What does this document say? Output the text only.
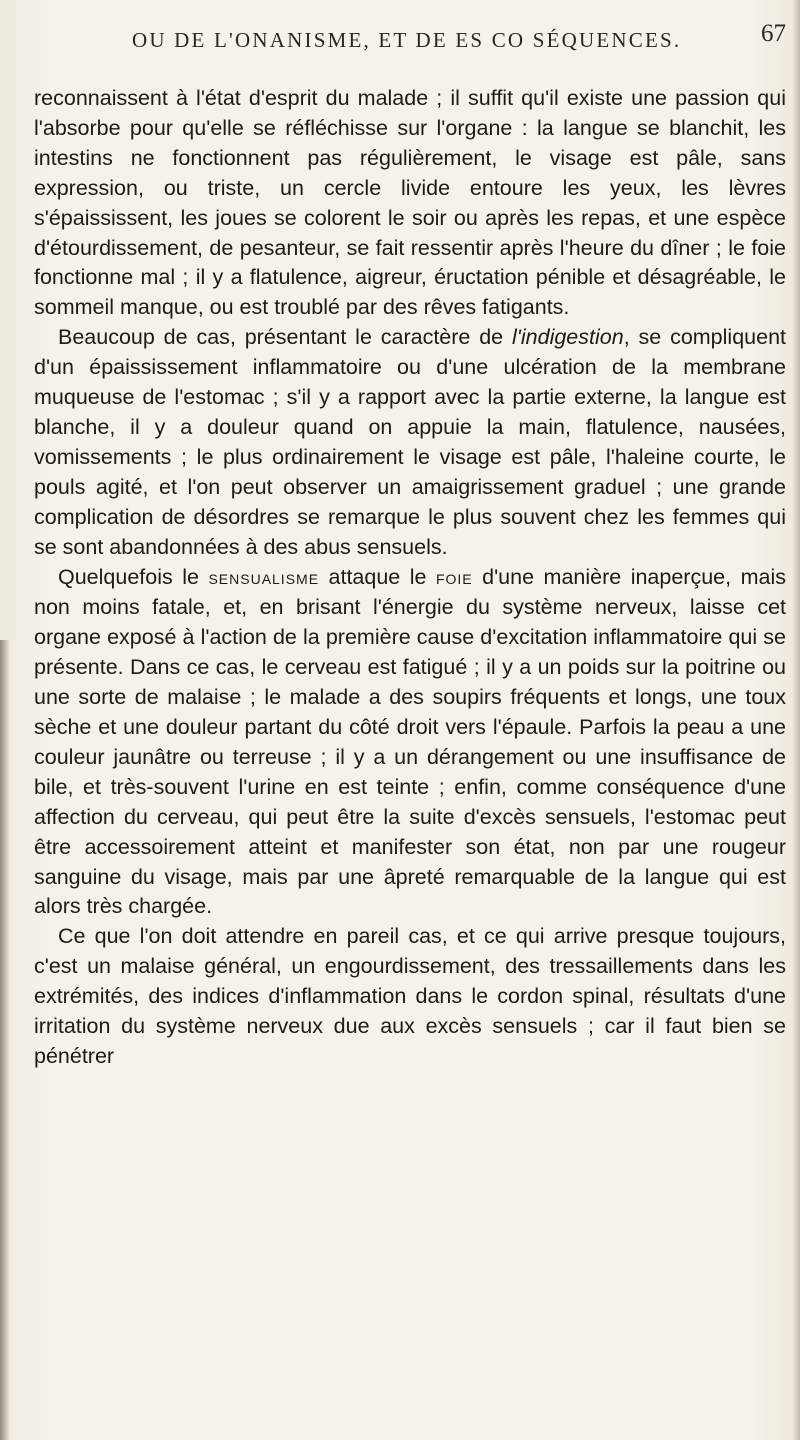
OU DE L'ONANISME, ET DE ES CO SÉQUENCES.	67

reconnaissent à l'état d'esprit du malade ; il suffit qu'il existe une passion qui l'absorbe pour qu'elle se réfléchisse sur l'organe : la langue se blanchit, les intestins ne fonctionnent pas régulièrement, le visage est pâle, sans expression, ou triste, un cercle livide entoure les yeux, les lèvres s'épaississent, les joues se colorent le soir ou après les repas, et une espèce d'étourdissement, de pesanteur, se fait ressentir après l'heure du dîner ; le foie fonctionne mal ; il y a flatulence, aigreur, éructation pénible et désagréable, le sommeil manque, ou est troublé par des rêves fatigants.

Beaucoup de cas, présentant le caractère de l'indigestion, se compliquent d'un épaississement inflammatoire ou d'une ulcération de la membrane muqueuse de l'estomac ; s'il y a rapport avec la partie externe, la langue est blanche, il y a douleur quand on appuie la main, flatulence, nausées, vomissements ; le plus ordinairement le visage est pâle, l'haleine courte, le pouls agité, et l'on peut observer un amaigrissement graduel ; une grande complication de désordres se remarque le plus souvent chez les femmes qui se sont abandonnées à des abus sensuels.

Quelquefois le sensualisme attaque le foie d'une manière inaperçue, mais non moins fatale, et, en brisant l'énergie du système nerveux, laisse cet organe exposé à l'action de la première cause d'excitation inflammatoire qui se présente. Dans ce cas, le cerveau est fatigué ; il y a un poids sur la poitrine ou une sorte de malaise ; le malade a des soupirs fréquents et longs, une toux sèche et une douleur partant du côté droit vers l'épaule. Parfois la peau a une couleur jaunâtre ou terreuse ; il y a un dérangement ou une insuffisance de bile, et très-souvent l'urine en est teinte ; enfin, comme conséquence d'une affection du cerveau, qui peut être la suite d'excès sensuels, l'estomac peut être accessoirement atteint et manifester son état, non par une rougeur sanguine du visage, mais par une âpreté remarquable de la langue qui est alors très chargée.

Ce que l'on doit attendre en pareil cas, et ce qui arrive presque toujours, c'est un malaise général, un engourdissement, des tressaillements dans les extrémités, des indices d'inflammation dans le cordon spinal, résultats d'une irritation du système nerveux due aux excès sensuels ; car il faut bien se pénétrer
